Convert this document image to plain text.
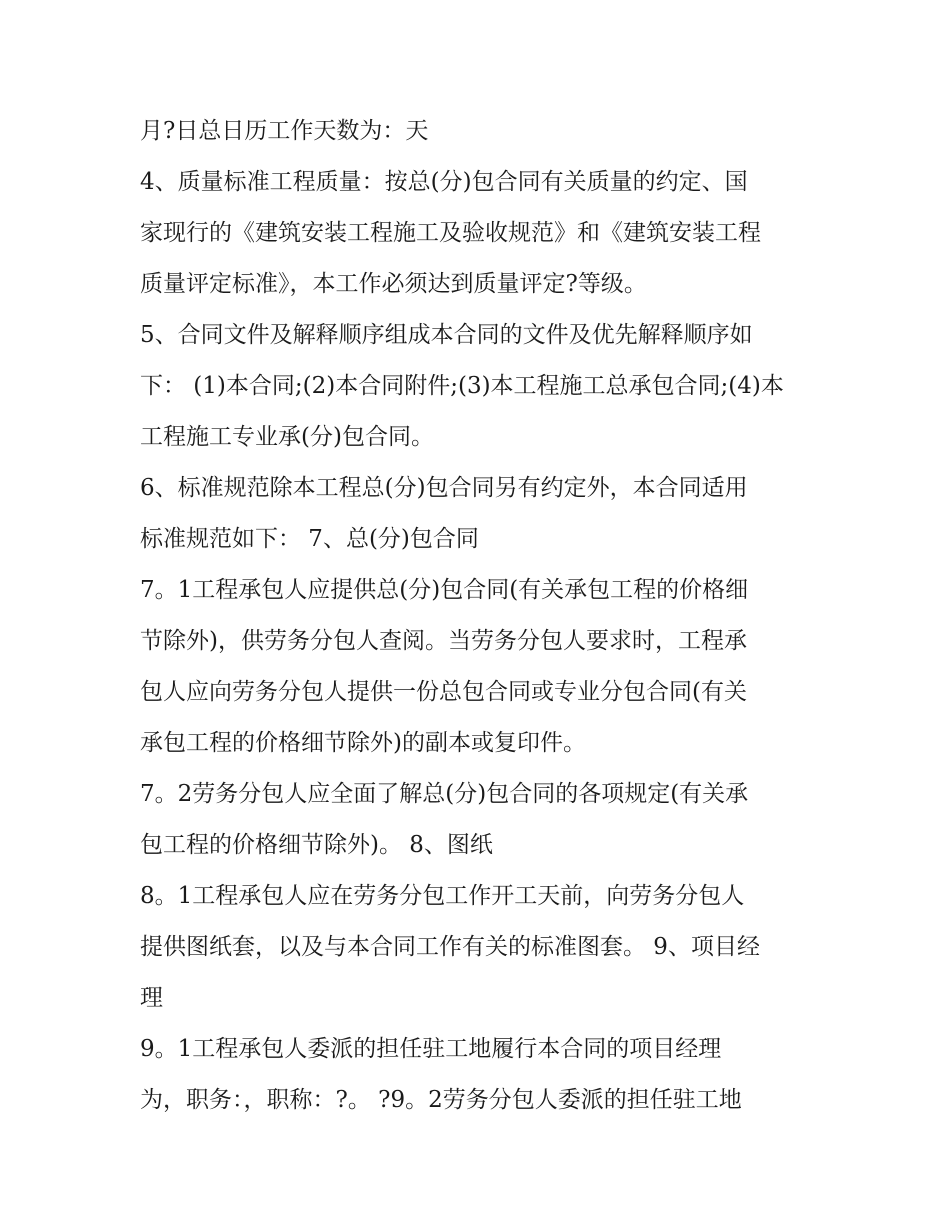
月?日总日历工作天数为：天
4、质量标准工程质量：按总(分)包合同有关质量的约定、国
家现行的《建筑安装工程施工及验收规范》和《建筑安装工程
质量评定标准》，本工作必须达到质量评定?等级。
5、合同文件及解释顺序组成本合同的文件及优先解释顺序如
下： (1)本合同;(2)本合同附件;(3)本工程施工总承包合同;(4)本
工程施工专业承(分)包合同。
6、标准规范除本工程总(分)包合同另有约定外，本合同适用
标准规范如下： 7、总(分)包合同
7。1工程承包人应提供总(分)包合同(有关承包工程的价格细
节除外)，供劳务分包人查阅。当劳务分包人要求时，工程承
包人应向劳务分包人提供一份总包合同或专业分包合同(有关
承包工程的价格细节除外)的副本或复印件。
7。2劳务分包人应全面了解总(分)包合同的各项规定(有关承
包工程的价格细节除外)。 8、图纸
8。1工程承包人应在劳务分包工作开工天前，向劳务分包人
提供图纸套，以及与本合同工作有关的标准图套。 9、项目经
理
9。1工程承包人委派的担任驻工地履行本合同的项目经理
为，职务：，职称：?。 ?9。2劳务分包人委派的担任驻工地
